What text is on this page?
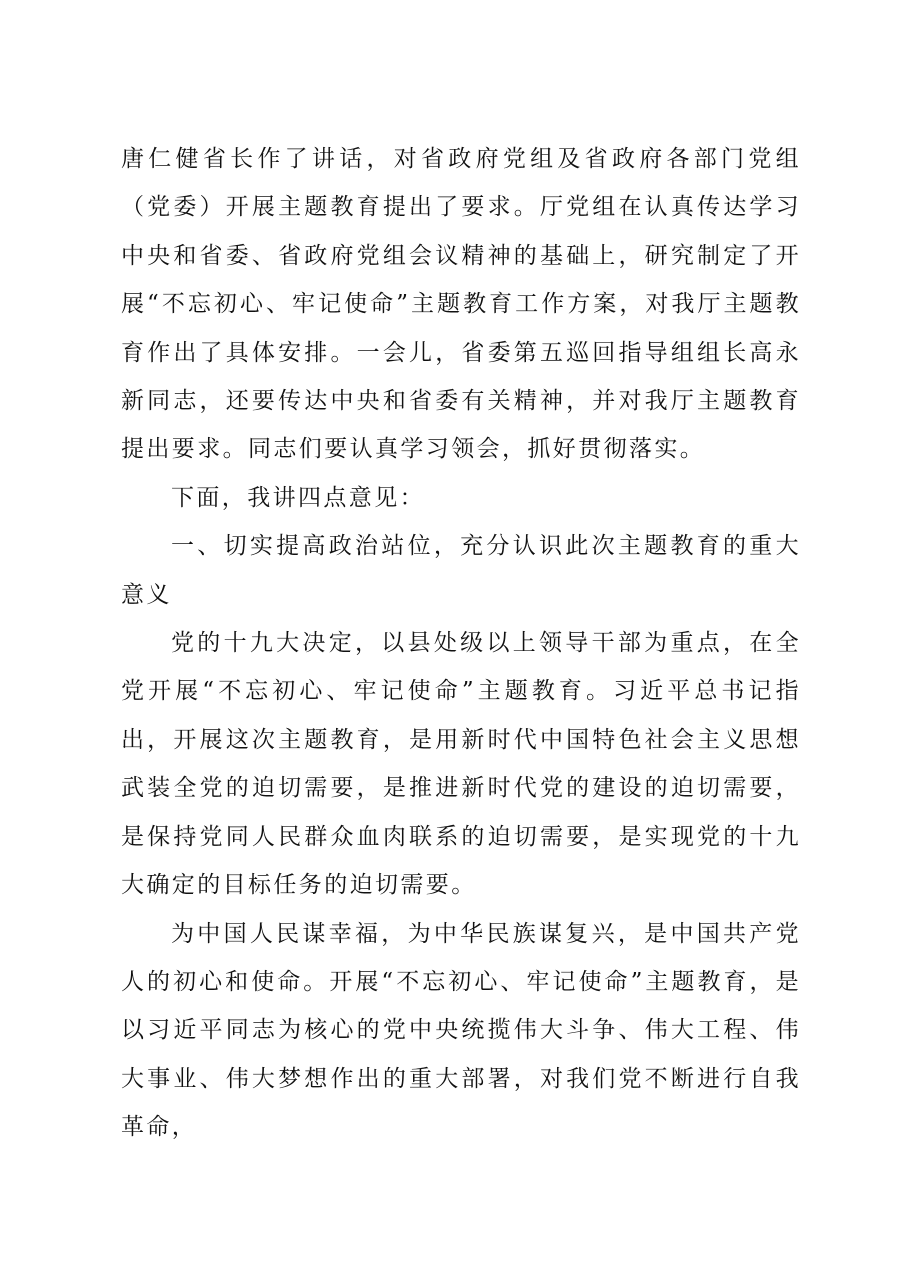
唐仁健省长作了讲话，对省政府党组及省政府各部门党组（党委）开展主题教育提出了要求。厅党组在认真传达学习中央和省委、省政府党组会议精神的基础上，研究制定了开展“不忘初心、牢记使命”主题教育工作方案，对我厅主题教育作出了具体安排。一会儿，省委第五巡回指导组组长高永新同志，还要传达中央和省委有关精神，并对我厅主题教育提出要求。同志们要认真学习领会，抓好贯彻落实。

下面，我讲四点意见：

一、切实提高政治站位，充分认识此次主题教育的重大意义

党的十九大决定，以县处级以上领导干部为重点，在全党开展“不忘初心、牢记使命”主题教育。习近平总书记指出，开展这次主题教育，是用新时代中国特色社会主义思想武装全党的迫切需要，是推进新时代党的建设的迫切需要，是保持党同人民群众血肉联系的迫切需要，是实现党的十九大确定的目标任务的迫切需要。

为中国人民谋幸福，为中华民族谋复兴，是中国共产党人的初心和使命。开展“不忘初心、牢记使命”主题教育，是以习近平同志为核心的党中央统揽伟大斗争、伟大工程、伟大事业、伟大梦想作出的重大部署，对我们党不断进行自我革命，
